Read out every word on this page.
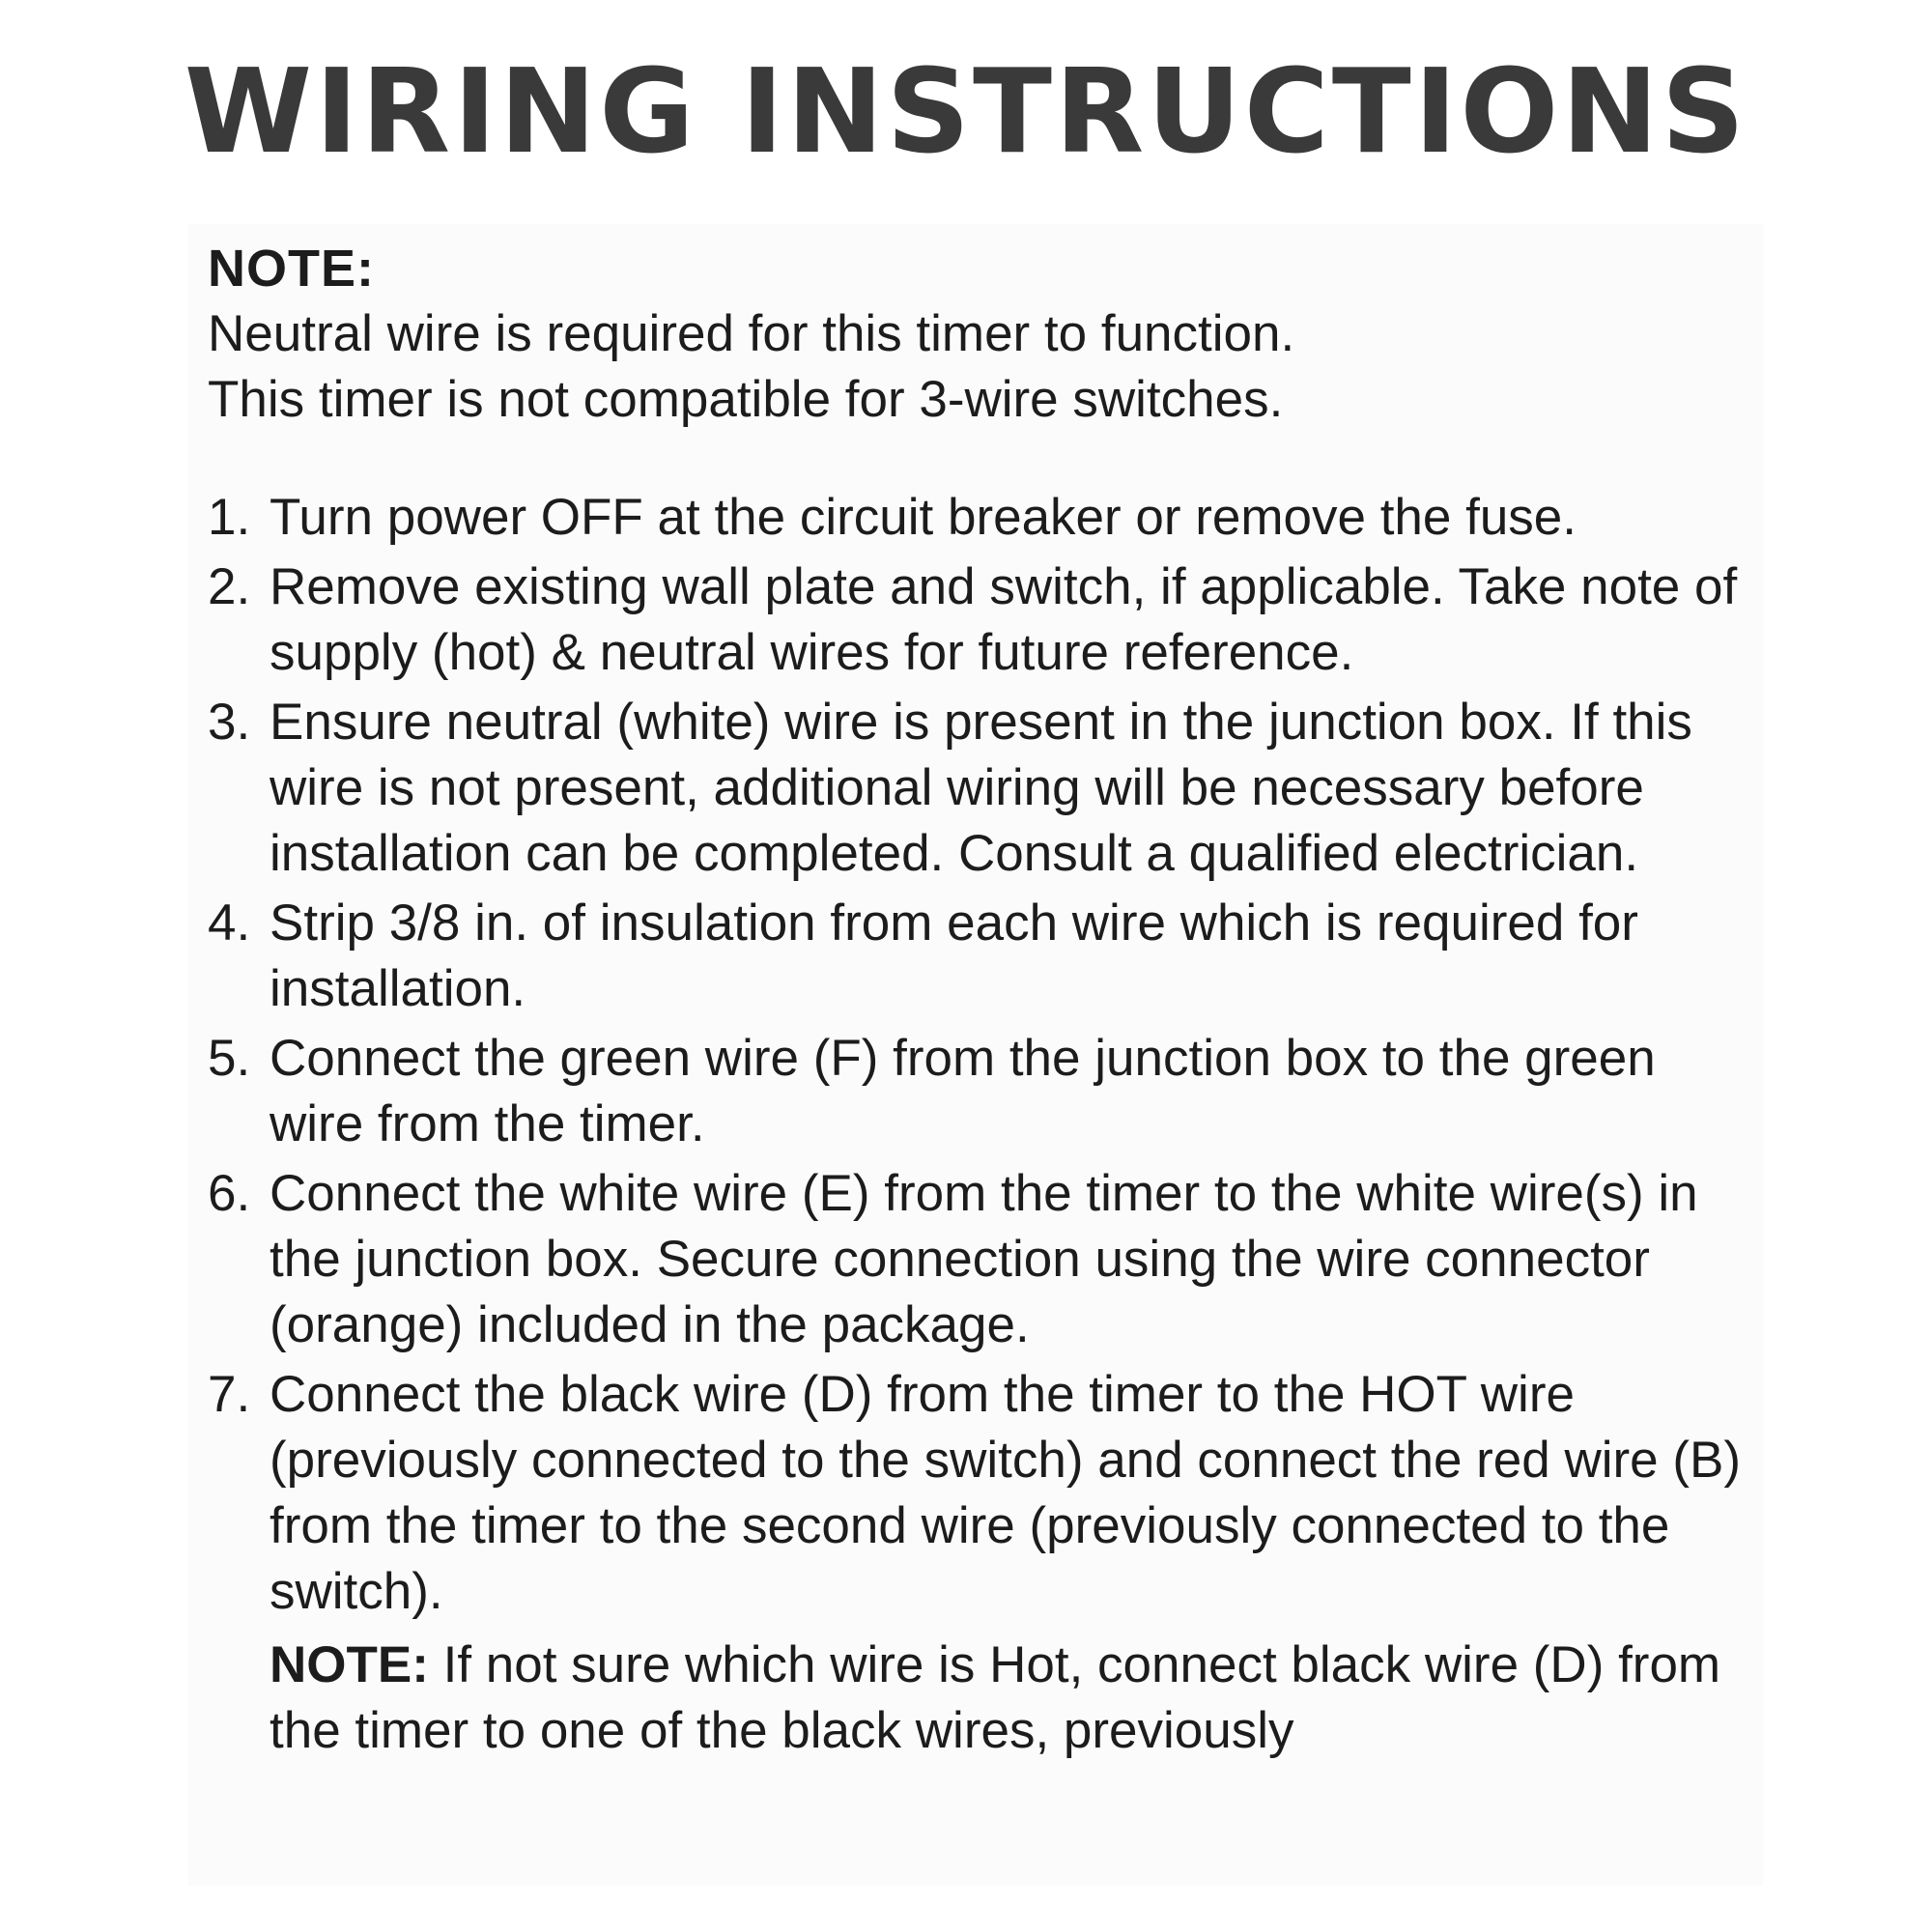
WIRING INSTRUCTIONS
NOTE:
Neutral wire is required for this timer to function.
This timer is not compatible for 3-wire switches.
1. Turn power OFF at the circuit breaker or remove the fuse.
2. Remove existing wall plate and switch, if applicable. Take note of supply (hot) & neutral wires for future reference.
3. Ensure neutral (white) wire is present in the junction box. If this wire is not present, additional wiring will be necessary before installation can be completed. Consult a qualified electrician.
4. Strip 3/8 in. of insulation from each wire which is required for installation.
5. Connect the green wire (F) from the junction box to the green wire from the timer.
6. Connect the white wire (E) from the timer to the white wire(s) in the junction box. Secure connection using the wire connector (orange) included in the package.
7. Connect the black wire (D) from the timer to the HOT wire (previously connected to the switch) and connect the red wire (B) from the timer to the second wire (previously connected to the switch).
NOTE: If not sure which wire is Hot, connect black wire (D) from the timer to one of the black wires, previously
